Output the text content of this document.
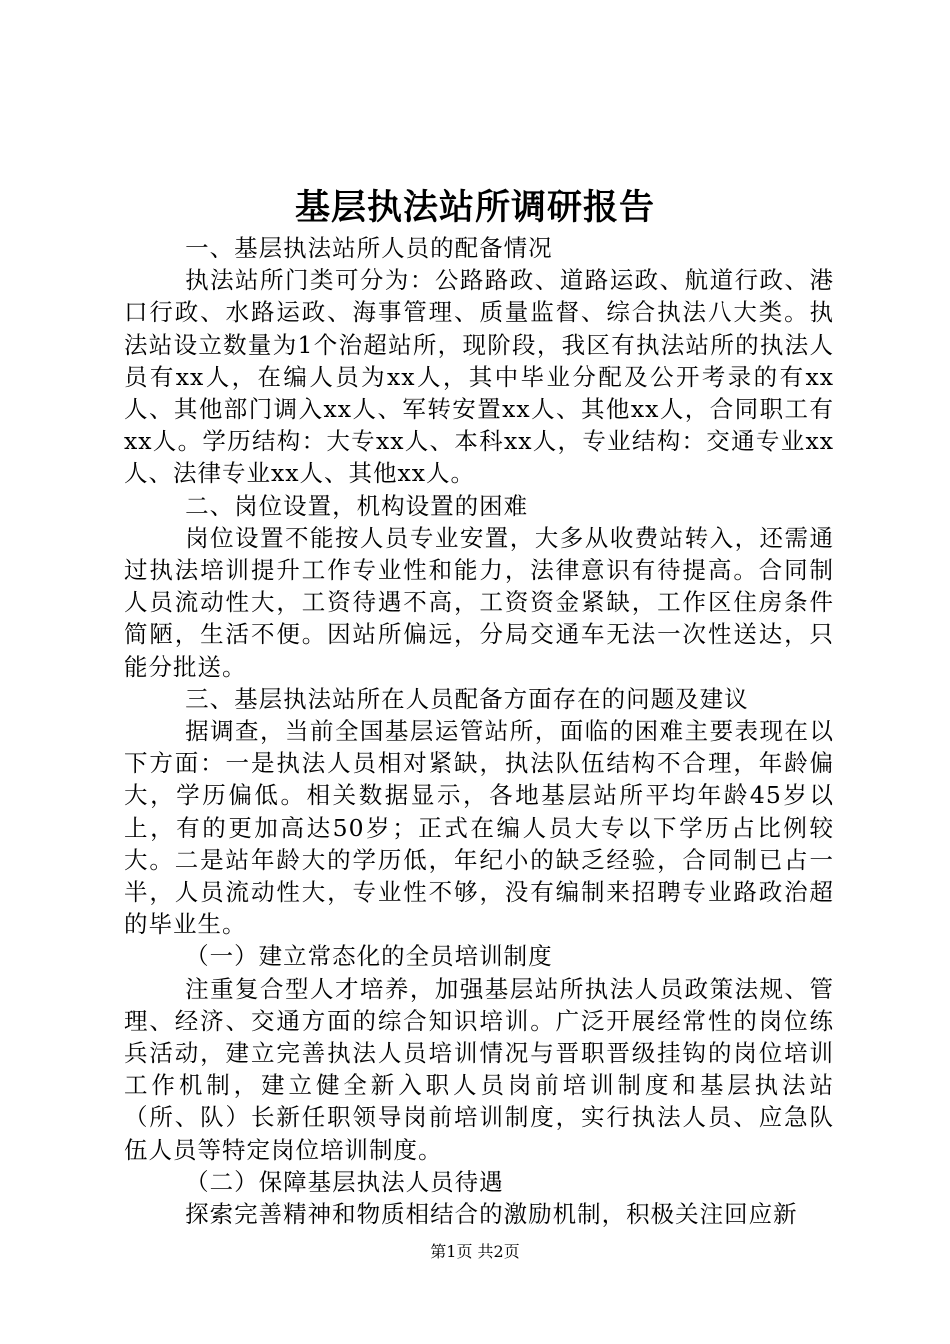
基层执法站所调研报告

一、基层执法站所人员的配备情况

执法站所门类可分为：公路路政、道路运政、航道行政、港口行政、水路运政、海事管理、质量监督、综合执法八大类。执法站设立数量为1个治超站所，现阶段，我区有执法站所的执法人员有xx人，在编人员为xx人，其中毕业分配及公开考录的有xx人、其他部门调入xx人、军转安置xx人、其他xx人，合同职工有xx人。学历结构：大专xx人、本科xx人，专业结构：交通专业xx人、法律专业xx人、其他xx人。

二、岗位设置，机构设置的困难

岗位设置不能按人员专业安置，大多从收费站转入，还需通过执法培训提升工作专业性和能力，法律意识有待提高。合同制人员流动性大，工资待遇不高，工资资金紧缺，工作区住房条件简陋，生活不便。因站所偏远，分局交通车无法一次性送达，只能分批送。

三、基层执法站所在人员配备方面存在的问题及建议

据调查，当前全国基层运管站所，面临的困难主要表现在以下方面：一是执法人员相对紧缺，执法队伍结构不合理，年龄偏大，学历偏低。相关数据显示，各地基层站所平均年龄45岁以上，有的更加高达50岁；正式在编人员大专以下学历占比例较大。二是站年龄大的学历低，年纪小的缺乏经验，合同制已占一半，人员流动性大，专业性不够，没有编制来招聘专业路政治超的毕业生。

（一）建立常态化的全员培训制度

注重复合型人才培养，加强基层站所执法人员政策法规、管理、经济、交通方面的综合知识培训。广泛开展经常性的岗位练兵活动，建立完善执法人员培训情况与晋职晋级挂钩的岗位培训工作机制，建立健全新入职人员岗前培训制度和基层执法站（所、队）长新任职领导岗前培训制度，实行执法人员、应急队伍人员等特定岗位培训制度。

（二）保障基层执法人员待遇

探索完善精神和物质相结合的激励机制，积极关注回应新

第1页 共2页
